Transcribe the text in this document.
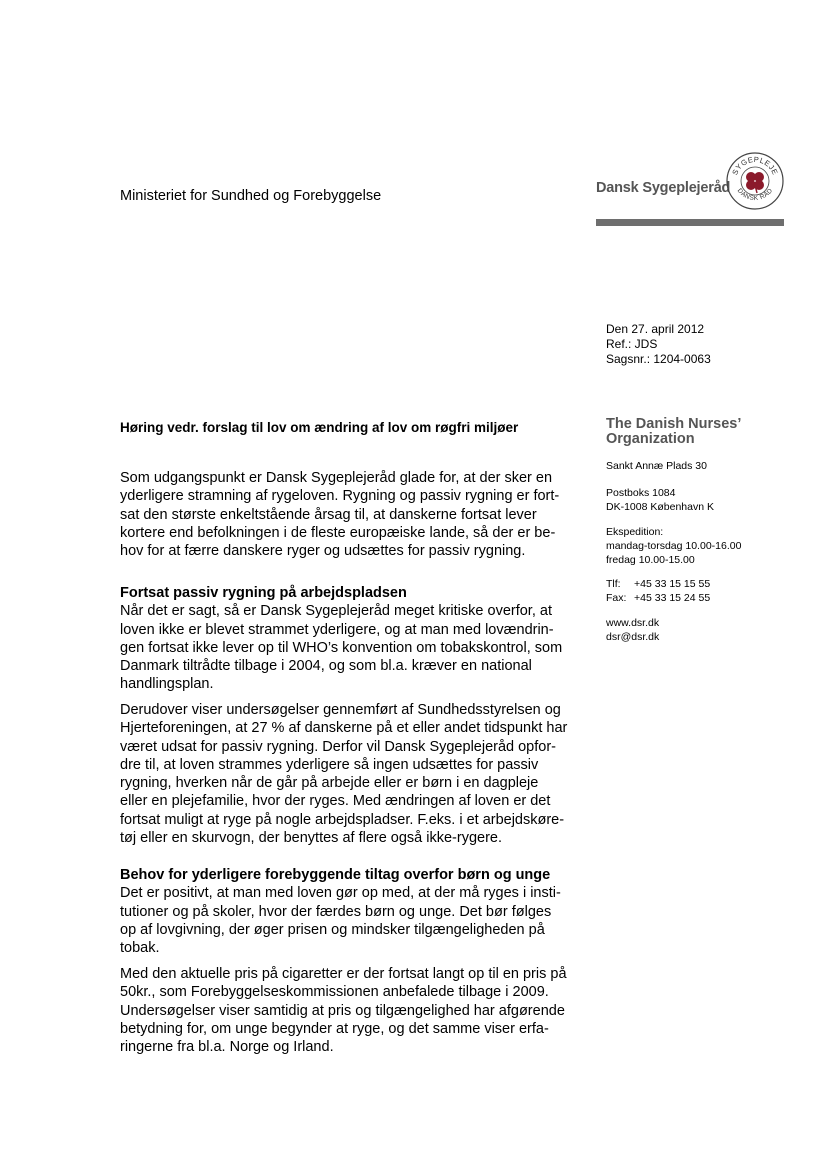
Ministeriet for Sundhed og Forebyggelse	Dansk Sygeplejeråd
SYGEPLEJE
DANSK RÅD
Den 27. april 2012
Ref.: JDS
Sagsnr.: 1204-0063
The Danish Nurses’
Organization
Sankt Annæ Plads 30
Postboks 1084
DK-1008 København K
Ekspedition:
mandag-torsdag 10.00-16.00
fredag 10.00-15.00
Tlf: +45 33 15 15 55
Fax: +45 33 15 24 55
www.dsr.dk
dsr@dsr.dk
Høring vedr. forslag til lov om ændring af lov om røgfri miljøer
Som udgangspunkt er Dansk Sygeplejeråd glade for, at der sker en
yderligere stramning af rygeloven. Rygning og passiv rygning er fort-
sat den største enkeltstående årsag til, at danskerne fortsat lever
kortere end befolkningen i de fleste europæiske lande, så der er be-
hov for at færre danskere ryger og udsættes for passiv rygning.
Fortsat passiv rygning på arbejdspladsen
Når det er sagt, så er Dansk Sygeplejeråd meget kritiske overfor, at
loven ikke er blevet strammet yderligere, og at man med lovændrin-
gen fortsat ikke lever op til WHO’s konvention om tobakskontrol, som
Danmark tiltrådte tilbage i 2004, og som bl.a. kræver en national
handlingsplan.
Derudover viser undersøgelser gennemført af Sundhedsstyrelsen og
Hjerteforeningen, at 27 % af danskerne på et eller andet tidspunkt har
været udsat for passiv rygning. Derfor vil Dansk Sygeplejeråd opfor-
dre til, at loven strammes yderligere så ingen udsættes for passiv
rygning, hverken når de går på arbejde eller er børn i en dagpleje
eller en plejefamilie, hvor der ryges. Med ændringen af loven er det
fortsat muligt at ryge på nogle arbejdspladser. F.eks. i et arbejdskøre-
tøj eller en skurvogn, der benyttes af flere også ikke-rygere.
Behov for yderligere forebyggende tiltag overfor børn og unge
Det er positivt, at man med loven gør op med, at der må ryges i insti-
tutioner og på skoler, hvor der færdes børn og unge. Det bør følges
op af lovgivning, der øger prisen og mindsker tilgængeligheden på
tobak.
Med den aktuelle pris på cigaretter er der fortsat langt op til en pris på
50kr., som Forebyggelseskommissionen anbefalede tilbage i 2009.
Undersøgelser viser samtidig at pris og tilgængelighed har afgørende
betydning for, om unge begynder at ryge, og det samme viser erfa-
ringerne fra bl.a. Norge og Irland.
